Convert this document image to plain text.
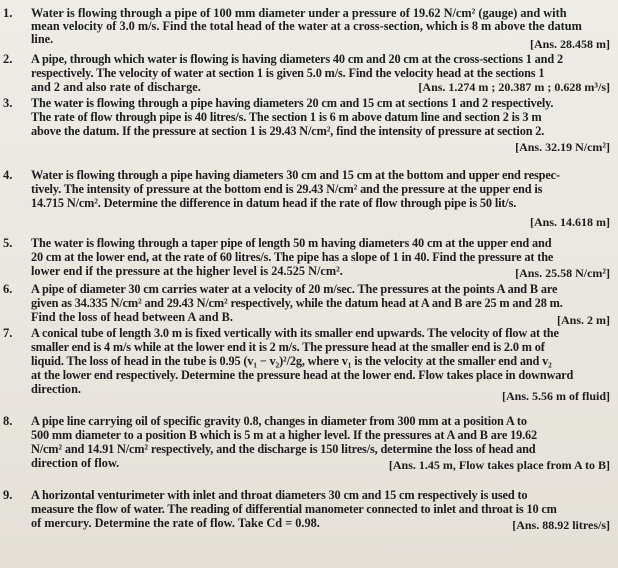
1. Water is flowing through a pipe of 100 mm diameter under a pressure of 19.62 N/cm² (gauge) and with
mean velocity of 3.0 m/s. Find the total head of the water at a cross-section, which is 8 m above the datum
line.	[Ans. 28.458 m]
2. A pipe, through which water is flowing is having diameters 40 cm and 20 cm at the cross-sections 1 and 2
respectively. The velocity of water at section 1 is given 5.0 m/s. Find the velocity head at the sections 1
and 2 and also rate of discharge.	[Ans. 1.274 m ; 20.387 m ; 0.628 m³/s]
3. The water is flowing through a pipe having diameters 20 cm and 15 cm at sections 1 and 2 respectively.
The rate of flow through pipe is 40 litres/s. The section 1 is 6 m above datum line and section 2 is 3 m
above the datum. If the pressure at section 1 is 29.43 N/cm², find the intensity of pressure at section 2.
[Ans. 32.19 N/cm²]
4. Water is flowing through a pipe having diameters 30 cm and 15 cm at the bottom and upper end respec-
tively. The intensity of pressure at the bottom end is 29.43 N/cm² and the pressure at the upper end is
14.715 N/cm². Determine the difference in datum head if the rate of flow through pipe is 50 lit/s.
[Ans. 14.618 m]
5. The water is flowing through a taper pipe of length 50 m having diameters 40 cm at the upper end and
20 cm at the lower end, at the rate of 60 litres/s. The pipe has a slope of 1 in 40. Find the pressure at the
lower end if the pressure at the higher level is 24.525 N/cm².	[Ans. 25.58 N/cm²]
6. A pipe of diameter 30 cm carries water at a velocity of 20 m/sec. The pressures at the points A and B are
given as 34.335 N/cm² and 29.43 N/cm² respectively, while the datum head at A and B are 25 m and 28 m.
Find the loss of head between A and B.	[Ans. 2 m]
7. A conical tube of length 3.0 m is fixed vertically with its smaller end upwards. The velocity of flow at the
smaller end is 4 m/s while at the lower end it is 2 m/s. The pressure head at the smaller end is 2.0 m of
liquid. The loss of head in the tube is 0.95 (v₁ − v₂)²/2g, where v₁ is the velocity at the smaller end and v₂
at the lower end respectively. Determine the pressure head at the lower end. Flow takes place in downward
direction.	[Ans. 5.56 m of fluid]
8. A pipe line carrying oil of specific gravity 0.8, changes in diameter from 300 mm at a position A to
500 mm diameter to a position B which is 5 m at a higher level. If the pressures at A and B are 19.62
N/cm² and 14.91 N/cm² respectively, and the discharge is 150 litres/s, determine the loss of head and
direction of flow.	[Ans. 1.45 m, Flow takes place from A to B]
9. A horizontal venturimeter with inlet and throat diameters 30 cm and 15 cm respectively is used to
measure the flow of water. The reading of differential manometer connected to inlet and throat is 10 cm
of mercury. Determine the rate of flow. Take Cd = 0.98.	[Ans. 88.92 litres/s]
